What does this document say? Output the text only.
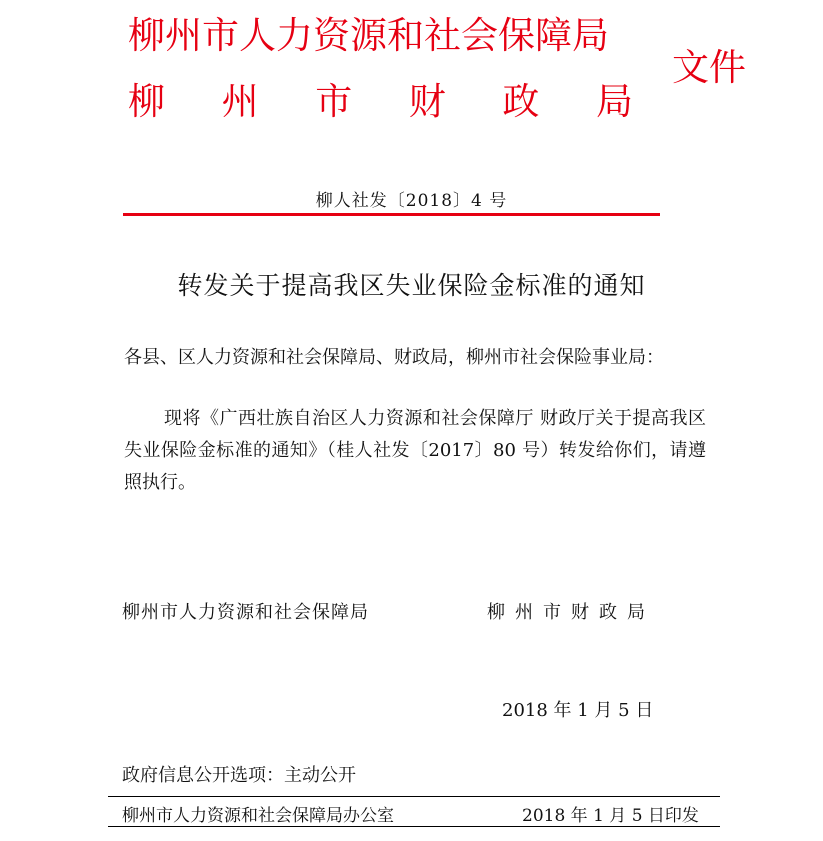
柳州市人力资源和社会保障局
柳 州 市 财 政 局
文件
柳人社发〔2018〕4 号
转发关于提高我区失业保险金标准的通知
各县、区人力资源和社会保障局、财政局，柳州市社会保险事业局：
现将《广西壮族自治区人力资源和社会保障厅 财政厅关于提高我区失业保险金标准的通知》（桂人社发〔2017〕80 号）转发给你们，请遵照执行。
柳州市人力资源和社会保障局	柳 州 市 财 政 局
2018 年 1 月 5 日
政府信息公开选项：主动公开
柳州市人力资源和社会保障局办公室	2018 年 1 月 5 日印发
